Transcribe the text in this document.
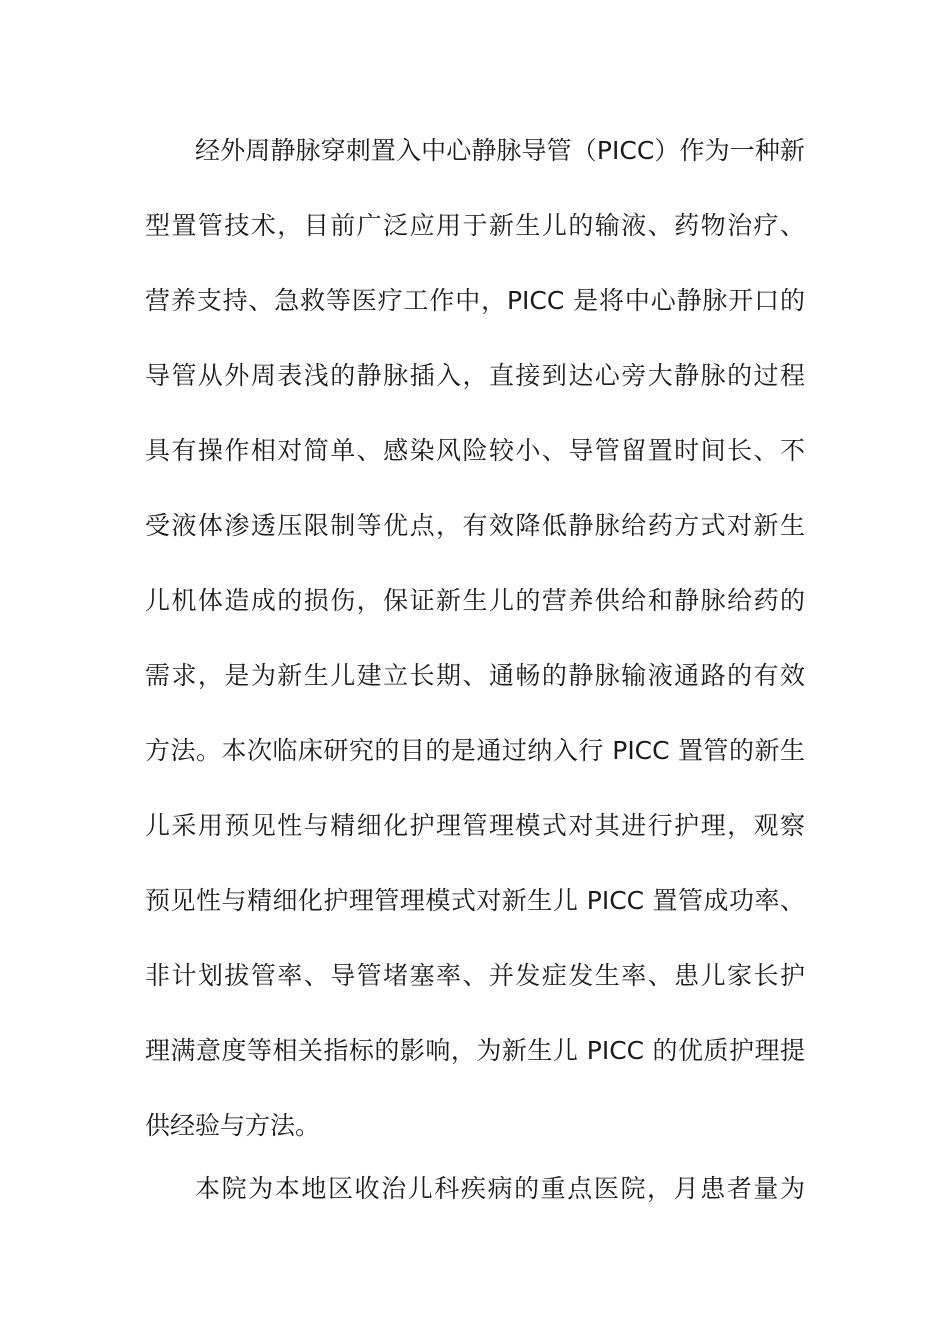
经外周静脉穿刺置入中心静脉导管（PICC）作为一种新
型置管技术，目前广泛应用于新生儿的输液、药物治疗、
营养支持、急救等医疗工作中，PICC 是将中心静脉开口的
导管从外周表浅的静脉插入，直接到达心旁大静脉的过程
具有操作相对简单、感染风险较小、导管留置时间长、不
受液体渗透压限制等优点，有效降低静脉给药方式对新生
儿机体造成的损伤，保证新生儿的营养供给和静脉给药的
需求，是为新生儿建立长期、通畅的静脉输液通路的有效
方法。本次临床研究的目的是通过纳入行 PICC 置管的新生
儿采用预见性与精细化护理管理模式对其进行护理，观察
预见性与精细化护理管理模式对新生儿 PICC 置管成功率、
非计划拔管率、导管堵塞率、并发症发生率、患儿家长护
理满意度等相关指标的影响，为新生儿 PICC 的优质护理提
供经验与方法。
本院为本地区收治儿科疾病的重点医院，月患者量为
